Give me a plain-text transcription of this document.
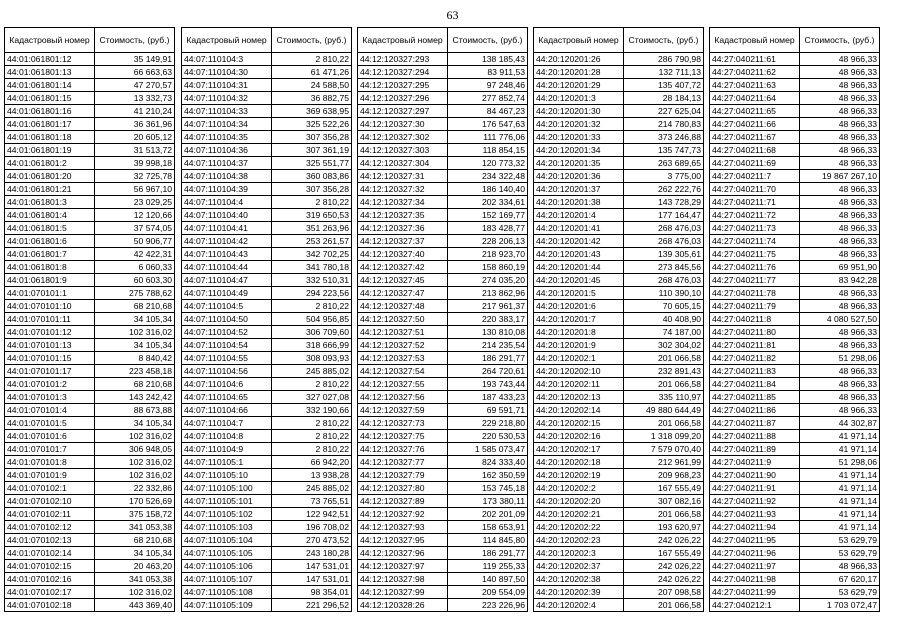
63
Кадастровый номер	Стоимость, (руб.)
44:01:061801:12	35 149,91
44:01:061801:13	66 663,63
44:01:061801:14	47 270,57
44:01:061801:15	13 332,73
44:01:061801:16	41 210,24
44:01:061801:17	36 361,96
44:01:061801:18	20 605,12
44:01:061801:19	31 513,72
44:01:061801:2	39 998,18
44:01:061801:20	32 725,78
44:01:061801:21	56 967,10
44:01:061801:3	23 029,25
44:01:061801:4	12 120,66
44:01:061801:5	37 574,05
44:01:061801:6	50 906,77
44:01:061801:7	42 422,31
44:01:061801:8	6 060,33
44:01:061801:9	60 603,30
44:01:070101:1	275 788,62
44:01:070101:10	68 210,68
44:01:070101:11	34 105,34
44:01:070101:12	102 316,02
44:01:070101:13	34 105,34
44:01:070101:15	8 840,42
44:01:070101:17	223 458,18
44:01:070101:2	68 210,68
44:01:070101:3	143 242,42
44:01:070101:4	88 673,88
44:01:070101:5	34 105,34
44:01:070101:6	102 316,02
44:01:070101:7	306 948,05
44:01:070101:8	102 316,02
44:01:070101:9	102 316,02
44:01:070102:1	22 332,86
44:01:070102:10	170 526,69
44:01:070102:11	375 158,72
44:01:070102:12	341 053,38
44:01:070102:13	68 210,68
44:01:070102:14	34 105,34
44:01:070102:15	20 463,20
44:01:070102:16	341 053,38
44:01:070102:17	102 316,02
44:01:070102:18	443 369,40
Кадастровый номер	Стоимость, (руб.)
44:07:110104:3	2 810,22
44:07:110104:30	61 471,26
44:07:110104:31	24 588,50
44:07:110104:32	36 882,75
44:07:110104:33	369 638,95
44:07:110104:34	325 522,26
44:07:110104:35	307 356,28
44:07:110104:36	307 361,19
44:07:110104:37	325 551,77
44:07:110104:38	360 083,86
44:07:110104:39	307 356,28
44:07:110104:4	2 810,22
44:07:110104:40	319 650,53
44:07:110104:41	351 263,96
44:07:110104:42	253 261,57
44:07:110104:43	342 702,25
44:07:110104:44	341 780,18
44:07:110104:47	332 510,31
44:07:110104:49	294 223,56
44:07:110104:5	2 810,22
44:07:110104:50	504 956,85
44:07:110104:52	306 709,60
44:07:110104:54	318 666,99
44:07:110104:55	308 093,93
44:07:110104:56	245 885,02
44:07:110104:6	2 810,22
44:07:110104:65	327 027,08
44:07:110104:66	332 190,66
44:07:110104:7	2 810,22
44:07:110104:8	2 810,22
44:07:110104:9	2 810,22
44:07:110105:1	66 942,20
44:07:110105:10	13 938,28
44:07:110105:100	245 885,02
44:07:110105:101	73 765,51
44:07:110105:102	122 942,51
44:07:110105:103	196 708,02
44:07:110105:104	270 473,52
44:07:110105:105	243 180,28
44:07:110105:106	147 531,01
44:07:110105:107	147 531,01
44:07:110105:108	98 354,01
44:07:110105:109	221 296,52
Кадастровый номер	Стоимость, (руб.)
44:12:120327:293	138 185,43
44:12:120327:294	83 911,53
44:12:120327:295	97 248,46
44:12:120327:296	277 852,74
44:12:120327:297	84 467,23
44:12:120327:30	176 547,63
44:12:120327:302	111 776,06
44:12:120327:303	118 854,15
44:12:120327:304	120 773,32
44:12:120327:31	234 322,48
44:12:120327:32	186 140,40
44:12:120327:34	202 334,61
44:12:120327:35	152 169,77
44:12:120327:36	183 428,77
44:12:120327:37	228 206,13
44:12:120327:40	218 923,70
44:12:120327:42	158 860,19
44:12:120327:45	274 035,20
44:12:120327:47	213 862,96
44:12:120327:48	217 961,37
44:12:120327:50	220 383,17
44:12:120327:51	130 810,08
44:12:120327:52	214 235,54
44:12:120327:53	186 291,77
44:12:120327:54	264 720,61
44:12:120327:55	193 743,44
44:12:120327:56	187 433,23
44:12:120327:59	69 591,71
44:12:120327:73	229 218,80
44:12:120327:75	220 530,53
44:12:120327:76	1 585 073,47
44:12:120327:77	824 333,40
44:12:120327:79	162 350,59
44:12:120327:80	153 745,18
44:12:120327:89	173 380,11
44:12:120327:92	202 201,09
44:12:120327:93	158 653,91
44:12:120327:95	114 845,80
44:12:120327:96	186 291,77
44:12:120327:97	119 255,33
44:12:120327:98	140 897,50
44:12:120327:99	209 554,09
44:12:120328:26	223 226,96
Кадастровый номер	Стоимость, (руб.)
44:20:120201:26	286 790,98
44:20:120201:28	132 711,13
44:20:120201:29	135 407,72
44:20:120201:3	28 184,13
44:20:120201:30	227 625,04
44:20:120201:32	214 780,83
44:20:120201:33	373 246,88
44:20:120201:34	135 747,73
44:20:120201:35	263 689,65
44:20:120201:36	3 775,00
44:20:120201:37	262 222,76
44:20:120201:38	143 728,29
44:20:120201:4	177 164,47
44:20:120201:41	268 476,03
44:20:120201:42	268 476,03
44:20:120201:43	139 305,61
44:20:120201:44	273 845,56
44:20:120201:45	268 476,03
44:20:120201:5	110 390,10
44:20:120201:6	70 605,15
44:20:120201:7	40 408,90
44:20:120201:8	74 187,00
44:20:120201:9	302 304,02
44:20:120202:1	201 066,58
44:20:120202:10	232 891,43
44:20:120202:11	201 066,58
44:20:120202:13	335 110,97
44:20:120202:14	49 880 644,49
44:20:120202:15	201 066,58
44:20:120202:16	1 318 099,20
44:20:120202:17	7 579 070,40
44:20:120202:18	212 961,99
44:20:120202:19	209 968,23
44:20:120202:2	167 555,49
44:20:120202:20	307 082,16
44:20:120202:21	201 066,58
44:20:120202:22	193 620,97
44:20:120202:23	242 026,22
44:20:120202:3	167 555,49
44:20:120202:37	242 026,22
44:20:120202:38	242 026,22
44:20:120202:39	207 098,58
44:20:120202:4	201 066,58
Кадастровый номер	Стоимость, (руб.)
44:27:040211:61	48 966,33
44:27:040211:62	48 966,33
44:27:040211:63	48 966,33
44:27:040211:64	48 966,33
44:27:040211:65	48 966,33
44:27:040211:66	48 966,33
44:27:040211:67	48 966,33
44:27:040211:68	48 966,33
44:27:040211:69	48 966,33
44:27:040211:7	19 867 267,10
44:27:040211:70	48 966,33
44:27:040211:71	48 966,33
44:27:040211:72	48 966,33
44:27:040211:73	48 966,33
44:27:040211:74	48 966,33
44:27:040211:75	48 966,33
44:27:040211:76	69 951,90
44:27:040211:77	83 942,28
44:27:040211:78	48 966,33
44:27:040211:79	48 966,33
44:27:040211:8	4 080 527,50
44:27:040211:80	48 966,33
44:27:040211:81	48 966,33
44:27:040211:82	51 298,06
44:27:040211:83	48 966,33
44:27:040211:84	48 966,33
44:27:040211:85	48 966,33
44:27:040211:86	48 966,33
44:27:040211:87	44 302,87
44:27:040211:88	41 971,14
44:27:040211:89	41 971,14
44:27:040211:9	51 298,06
44:27:040211:90	41 971,14
44:27:040211:91	41 971,14
44:27:040211:92	41 971,14
44:27:040211:93	41 971,14
44:27:040211:94	41 971,14
44:27:040211:95	53 629,79
44:27:040211:96	53 629,79
44:27:040211:97	48 966,33
44:27:040211:98	67 620,17
44:27:040211:99	53 629,79
44:27:040212:1	1 703 072,47
